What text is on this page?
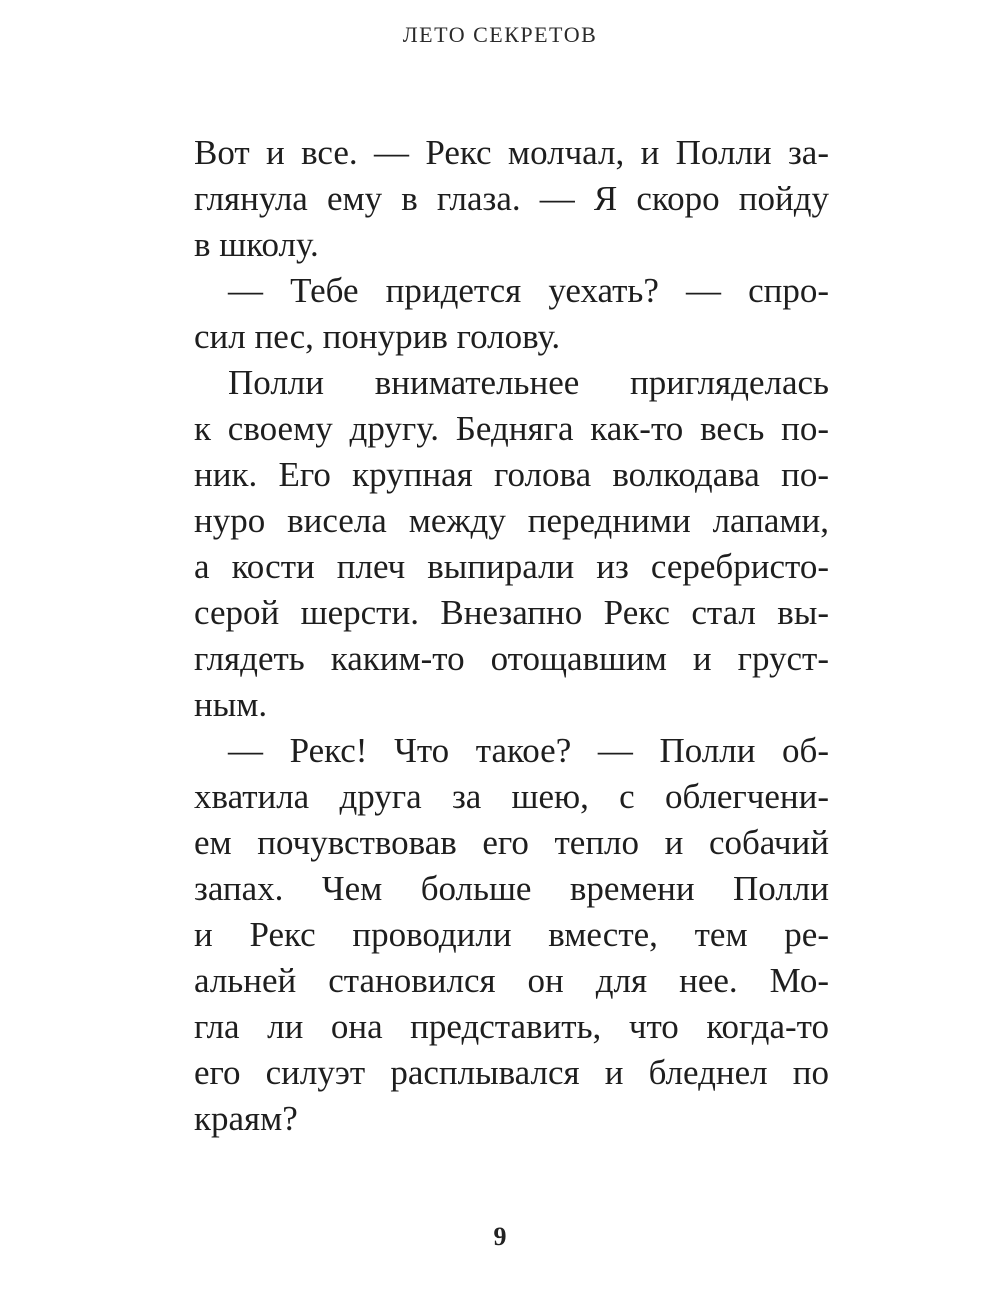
ЛЕТО СЕКРЕТОВ
Вот и все. — Рекс молчал, и Полли за-
глянула ему в глаза. — Я скоро пойду
в школу.
— Тебе придется уехать? — спро-
сил пес, понурив голову.
Полли внимательнее пригляделась
к своему другу. Бедняга как-то весь по-
ник. Его крупная голова волкодава по-
нуро висела между передними лапами,
а кости плеч выпирали из серебристо-
серой шерсти. Внезапно Рекс стал вы-
глядеть каким-то отощавшим и груст-
ным.
— Рекс! Что такое? — Полли об-
хватила друга за шею, с облегчени-
ем почувствовав его тепло и собачий
запах. Чем больше времени Полли
и Рекс проводили вместе, тем ре-
альней становился он для нее. Мо-
гла ли она представить, что когда-то
его силуэт расплывался и бледнел по
краям?
9
